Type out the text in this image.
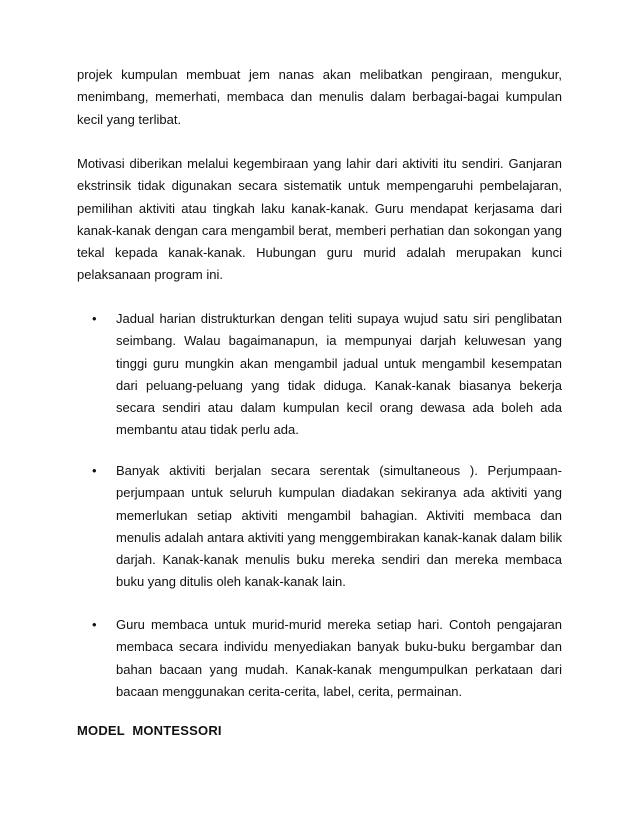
projek kumpulan membuat jem nanas akan melibatkan pengiraan, mengukur, menimbang, memerhati, membaca dan menulis dalam berbagai-bagai kumpulan kecil yang terlibat.

Motivasi diberikan melalui kegembiraan yang lahir dari aktiviti itu sendiri. Ganjaran ekstrinsik tidak digunakan secara sistematik untuk mempengaruhi pembelajaran, pemilihan aktiviti atau tingkah laku kanak-kanak. Guru mendapat kerjasama dari kanak-kanak dengan cara mengambil berat, memberi perhatian dan sokongan yang tekal kepada kanak-kanak. Hubungan guru murid adalah merupakan kunci pelaksanaan program ini.

•	Jadual harian distrukturkan dengan teliti supaya wujud satu siri penglibatan seimbang. Walau bagaimanapun, ia mempunyai darjah keluwesan yang tinggi guru mungkin akan mengambil jadual untuk mengambil kesempatan dari peluang-peluang yang tidak diduga. Kanak-kanak biasanya bekerja secara sendiri atau dalam kumpulan kecil orang dewasa ada boleh ada membantu atau tidak perlu ada.
•	Banyak aktiviti berjalan secara serentak (simultaneous ). Perjumpaan-perjumpaan untuk seluruh kumpulan diadakan sekiranya ada aktiviti yang memerlukan setiap aktiviti mengambil bahagian. Aktiviti membaca dan menulis adalah antara aktiviti yang menggembirakan kanak-kanak dalam bilik darjah. Kanak-kanak menulis buku mereka sendiri dan mereka membaca buku yang ditulis oleh kanak-kanak lain.
•	Guru membaca untuk murid-murid mereka setiap hari. Contoh pengajaran membaca secara individu menyediakan banyak buku-buku bergambar dan bahan bacaan yang mudah. Kanak-kanak mengumpulkan perkataan dari bacaan menggunakan cerita-cerita, label, cerita, permainan.
MODEL  MONTESSORI
